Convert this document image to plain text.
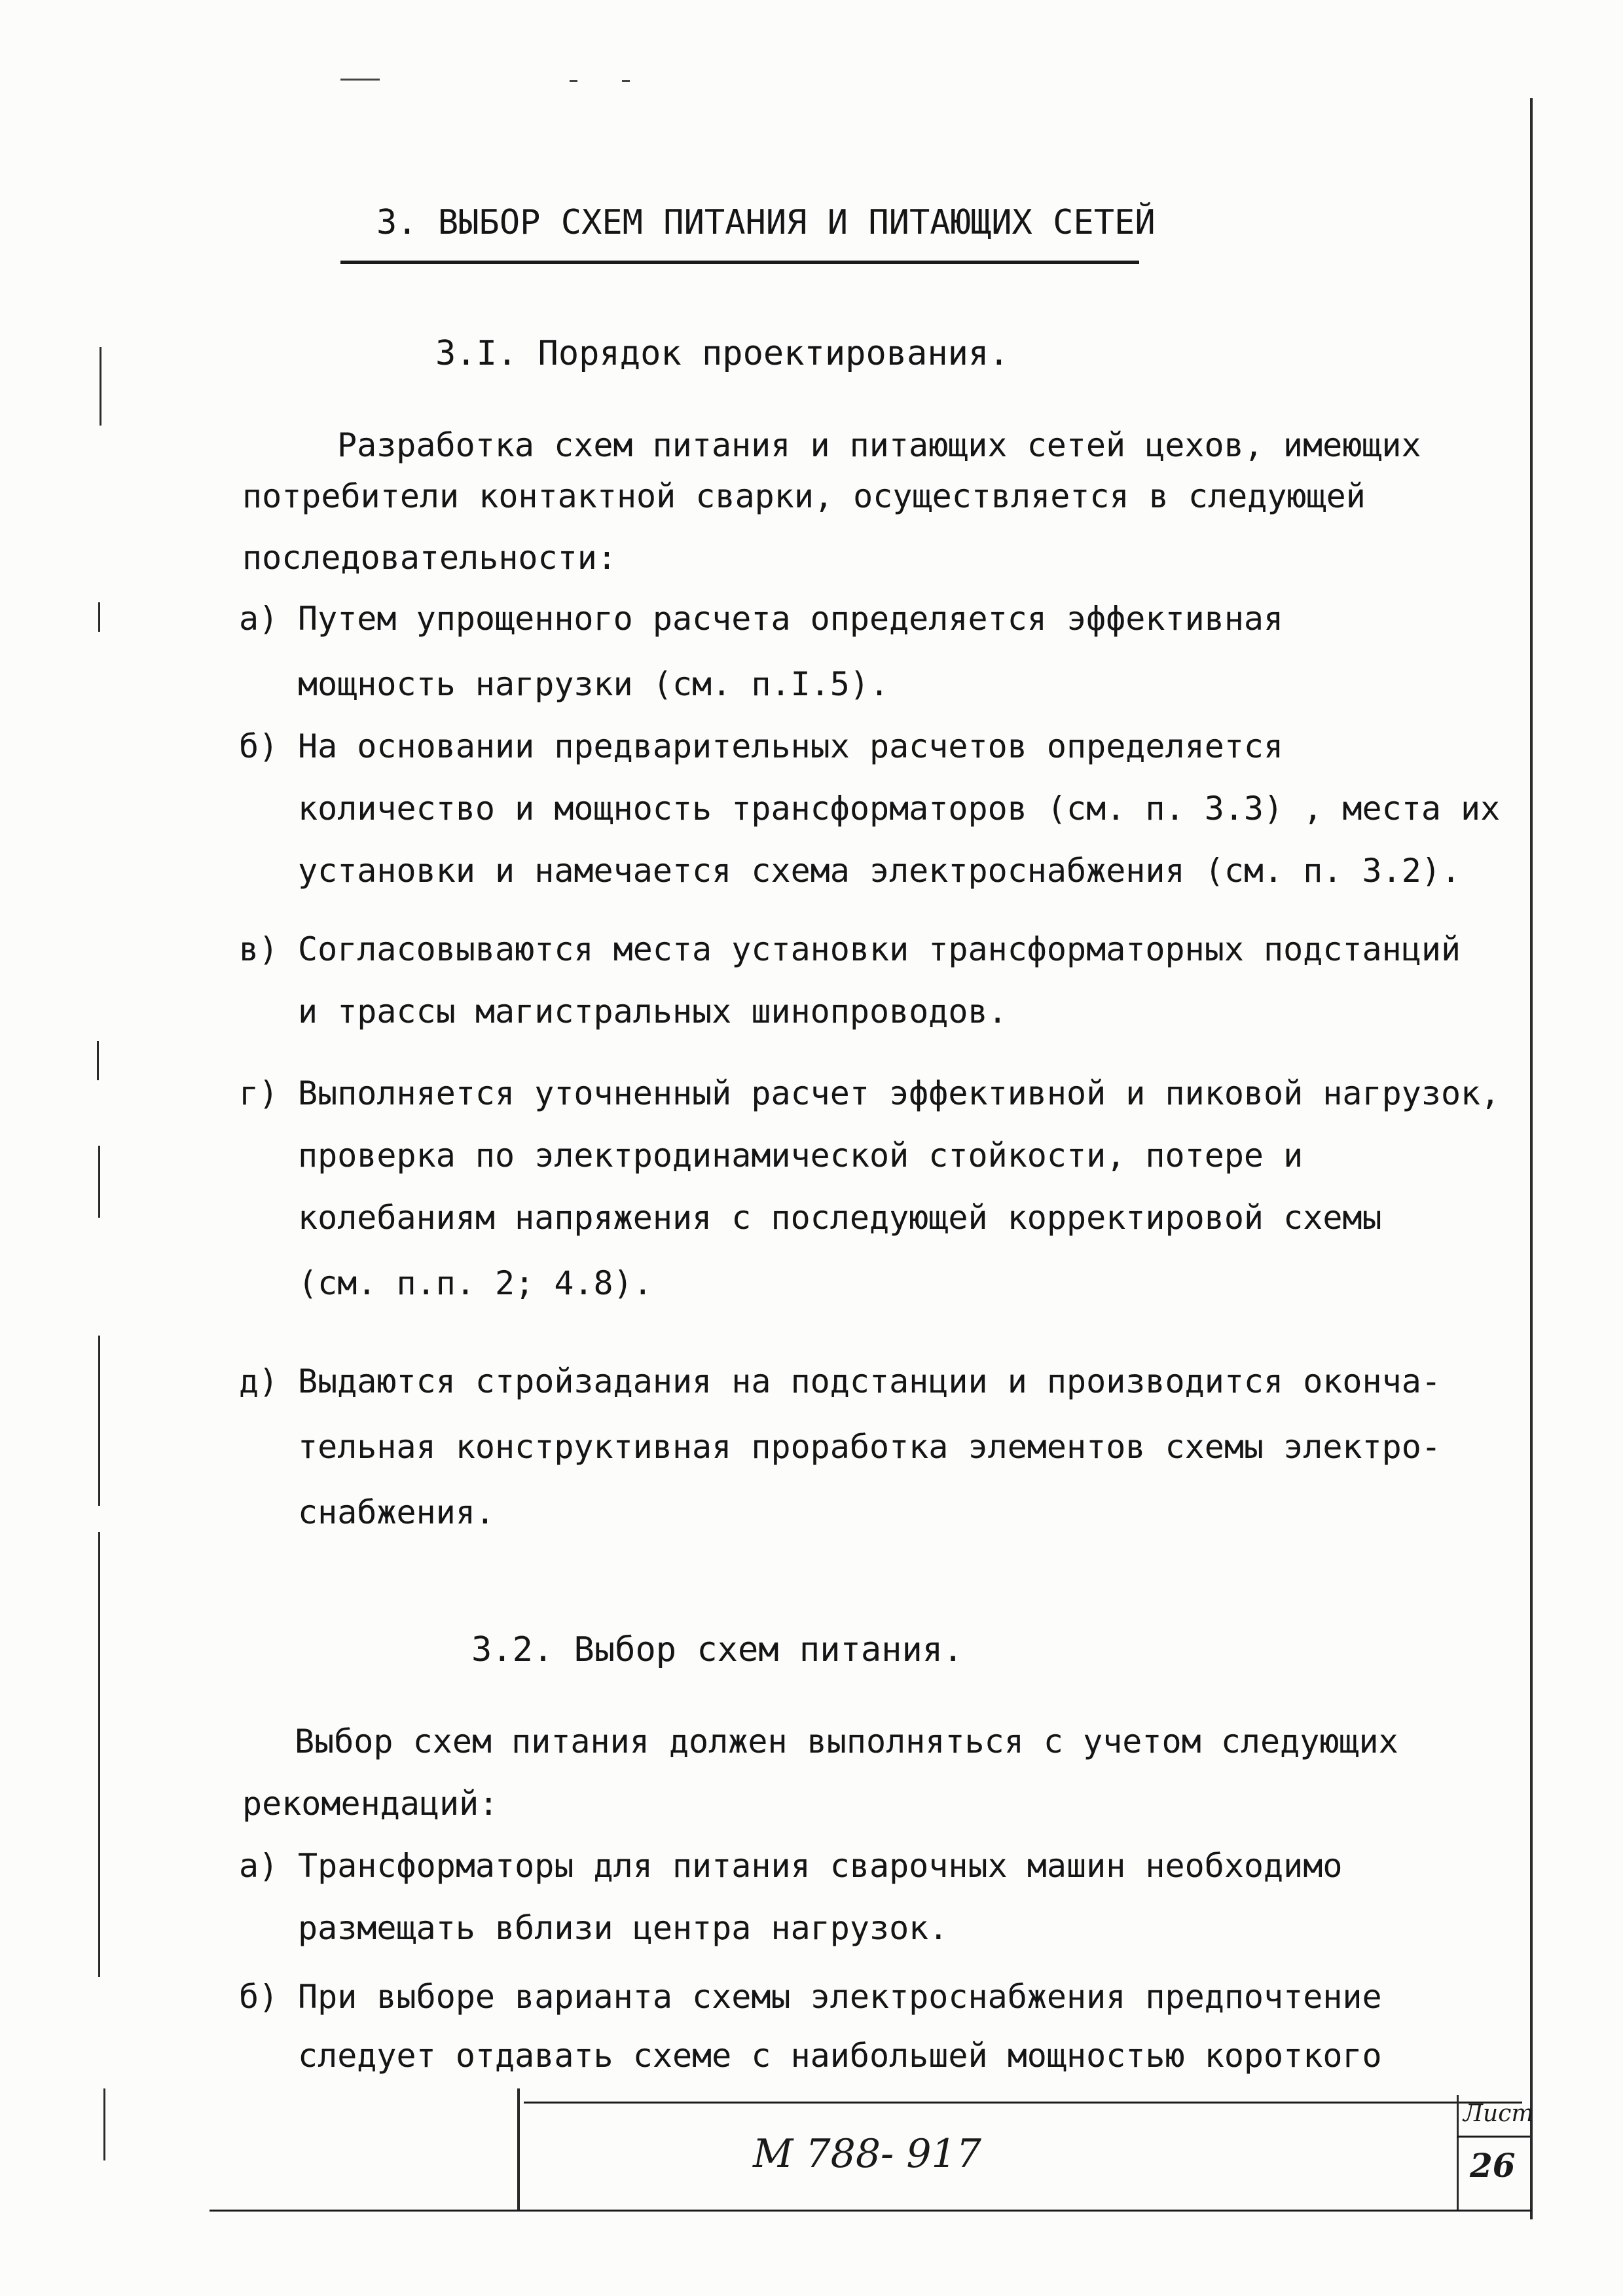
3. ВЫБОР СХЕМ ПИТАНИЯ И ПИТАЮЩИХ СЕТЕЙ
3.I. Порядок проектирования.
Разработка схем питания и питающих сетей цехов, имеющих
потребители контактной сварки, осуществляется в следующей
последовательности:
а) Путем упрощенного расчета определяется эффективная
мощность нагрузки (см. п.I.5).
б) На основании предварительных расчетов определяется
количество и мощность трансформаторов (см. п. 3.3) , места их
установки и намечается схема электроснабжения (см. п. 3.2).
в) Согласовываются места установки трансформаторных подстанций
и трассы магистральных шинопроводов.
г) Выполняется уточненный расчет эффективной и пиковой нагрузок,
проверка по электродинамической стойкости, потере и
колебаниям напряжения с последующей корректировой схемы
(см. п.п. 2; 4.8).
д) Выдаются стройзадания на подстанции и производится оконча-
тельная конструктивная проработка элементов схемы электро-
снабжения.
3.2. Выбор схем питания.
Выбор схем питания должен выполняться с учетом следующих
рекомендаций:
а) Трансформаторы для питания сварочных машин необходимо
размещать вблизи центра нагрузок.
б) При выборе варианта схемы электроснабжения предпочтение
следует отдавать схеме с наибольшей мощностью короткого
М 788- 917
Лист
26
